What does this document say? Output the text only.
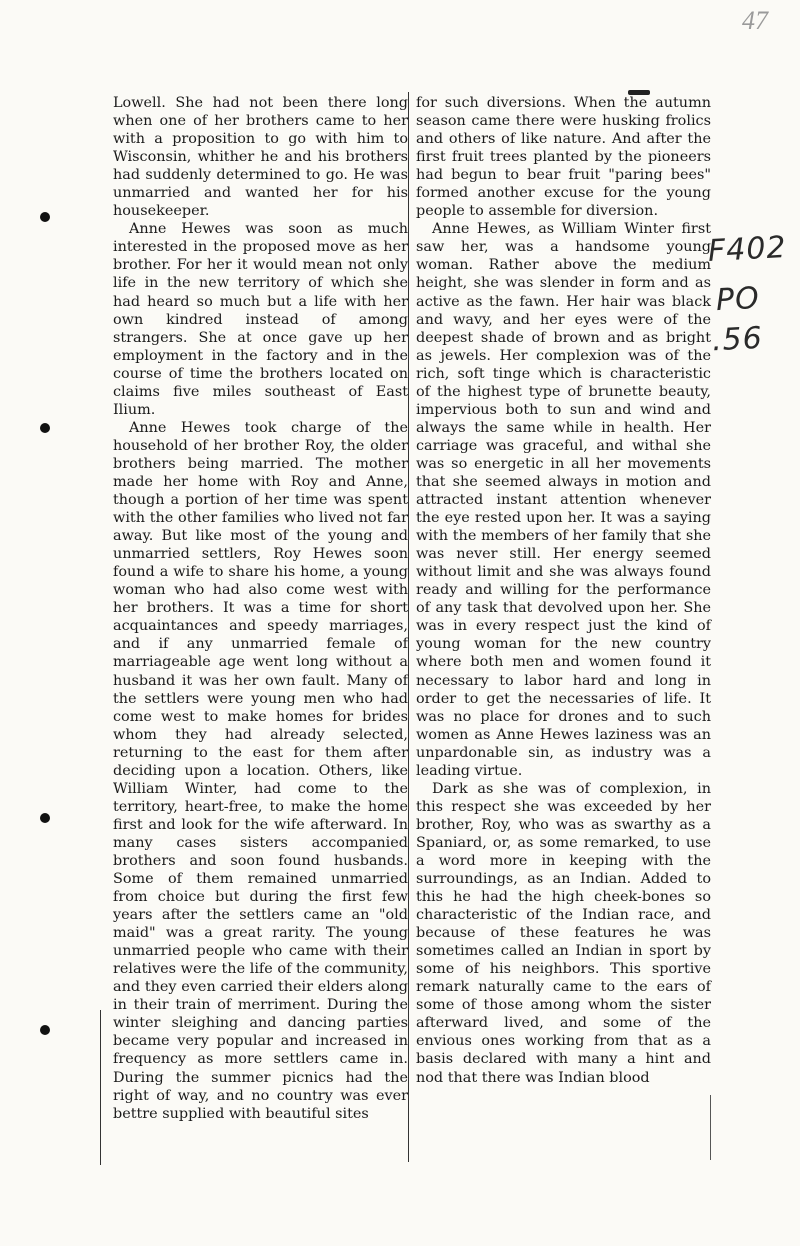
47

Lowell. She had not been there long when one of her brothers came to her with a proposition to go with him to Wisconsin, whither he and his brothers had suddenly determined to go. He was unmarried and wanted her for his housekeeper.

Anne Hewes was soon as much interested in the proposed move as her brother. For her it would mean not only life in the new territory of which she had heard so much but a life with her own kindred instead of among strangers. She at once gave up her employment in the factory and in the course of time the brothers located on claims five miles southeast of East Ilium.

Anne Hewes took charge of the household of her brother Roy, the older brothers being married. The mother made her home with Roy and Anne, though a portion of her time was spent with the other families who lived not far away. But like most of the young and unmarried settlers, Roy Hewes soon found a wife to share his home, a young woman who had also come west with her brothers. It was a time for short acquaintances and speedy marriages, and if any unmarried female of marriageable age went long without a husband it was her own fault. Many of the settlers were young men who had come west to make homes for brides whom they had already selected, returning to the east for them after deciding upon a location. Others, like William Winter, had come to the territory, heart-free, to make the home first and look for the wife afterward. In many cases sisters accompanied brothers and soon found husbands. Some of them remained unmarried from choice but during the first few years after the settlers came an "old maid" was a great rarity. The young unmarried people who came with their relatives were the life of the community, and they even carried their elders along in their train of merriment. During the winter sleighing and dancing parties became very popular and increased in frequency as more settlers came in. During the summer picnics had the right of way, and no country was ever bettre supplied with beautiful sites

for such diversions. When the autumn season came there were husking frolics and others of like nature. And after the first fruit trees planted by the pioneers had begun to bear fruit "paring bees" formed another excuse for the young people to assemble for diversion.

Anne Hewes, as William Winter first saw her, was a handsome young woman. Rather above the medium height, she was slender in form and as active as the fawn. Her hair was black and wavy, and her eyes were of the deepest shade of brown and as bright as jewels. Her complexion was of the rich, soft tinge which is characteristic of the highest type of brunette beauty, impervious both to sun and wind and always the same while in health. Her carriage was graceful, and withal she was so energetic in all her movements that she seemed always in motion and attracted instant attention whenever the eye rested upon her. It was a saying with the members of her family that she was never still. Her energy seemed without limit and she was always found ready and willing for the performance of any task that devolved upon her. She was in every respect just the kind of young woman for the new country where both men and women found it necessary to labor hard and long in order to get the necessaries of life. It was no place for drones and to such women as Anne Hewes laziness was an unpardonable sin, as industry was a leading virtue.

Dark as she was of complexion, in this respect she was exceeded by her brother, Roy, who was as swarthy as a Spaniard, or, as some remarked, to use a word more in keeping with the surroundings, as an Indian. Added to this he had the high cheek-bones so characteristic of the Indian race, and because of these features he was sometimes called an Indian in sport by some of his neighbors. This sportive remark naturally came to the ears of some of those among whom the sister afterward lived, and some of the envious ones working from that as a basis declared with many a hint and nod that there was Indian blood

F402
PO
.56
